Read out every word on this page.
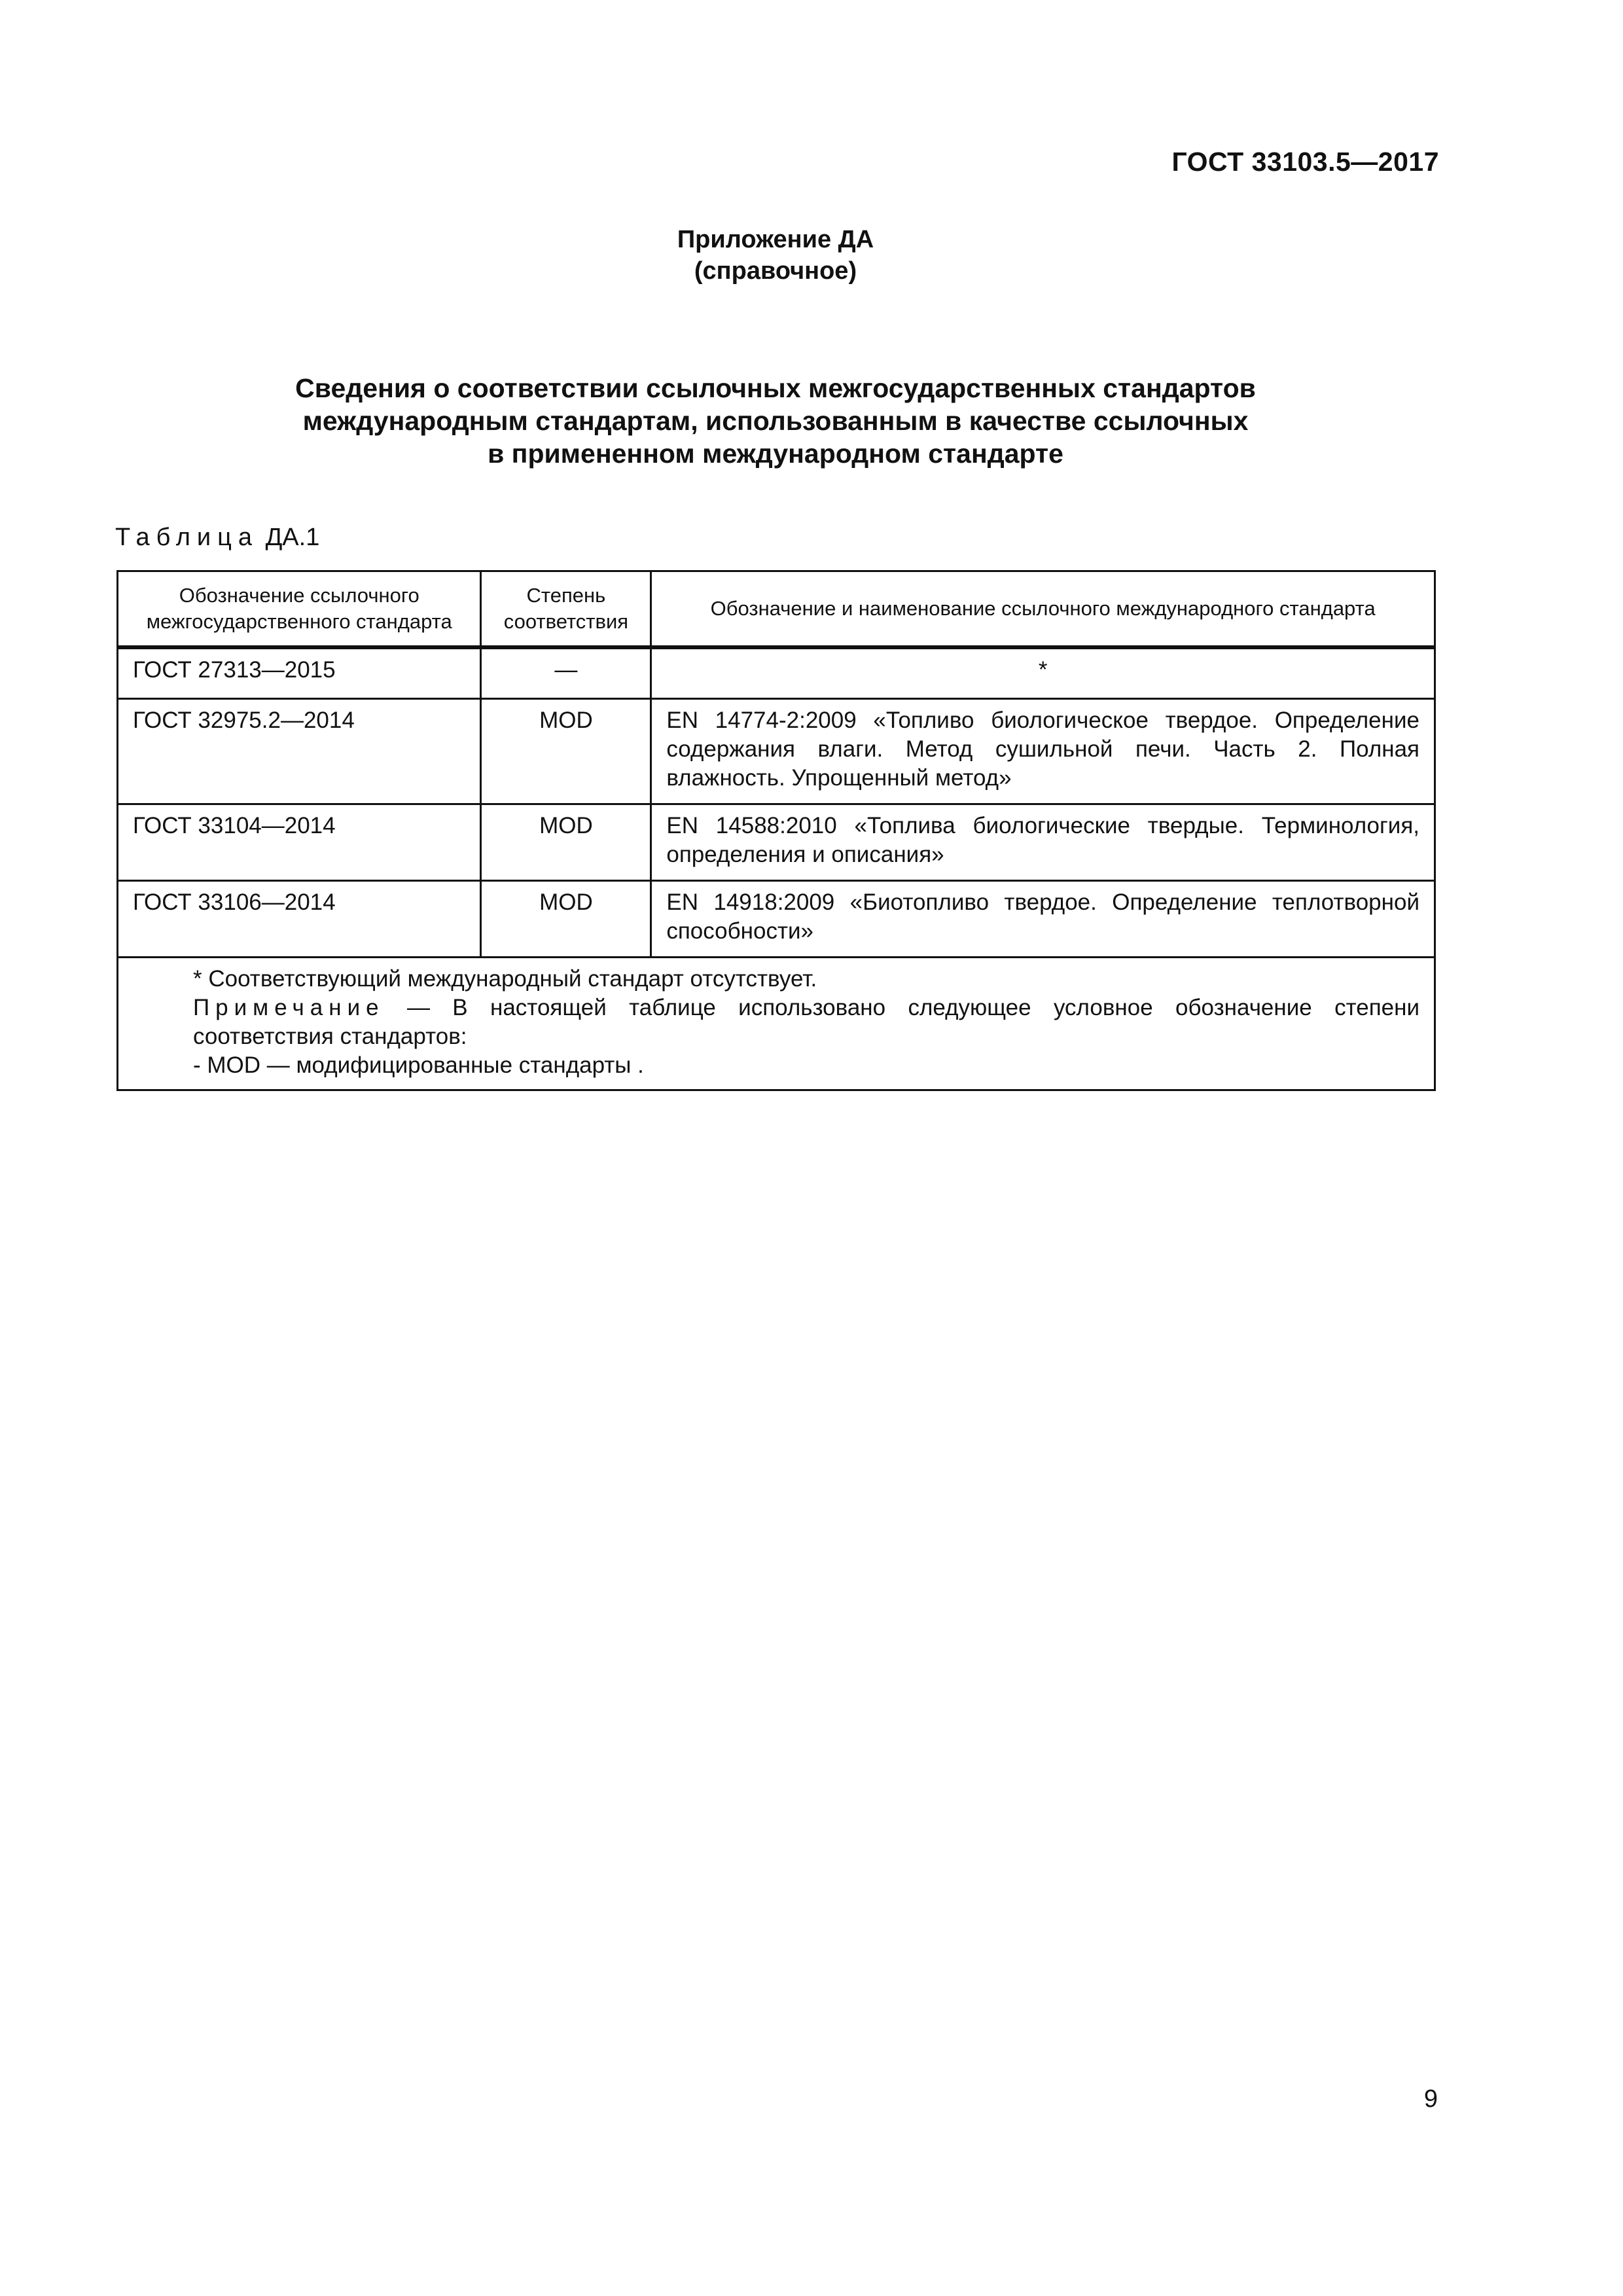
ГОСТ 33103.5—2017
Приложение ДА
(справочное)
Сведения о соответствии ссылочных межгосударственных стандартов
международным стандартам, использованным в качестве ссылочных
в примененном международном стандарте
Таблица ДА.1
Обозначение ссылочного межгосударственного стандарта	Степень соответствия	Обозначение и наименование ссылочного международного стандарта
ГОСТ 27313—2015	—	*
ГОСТ 32975.2—2014	MOD	EN 14774-2:2009 «Топливо биологическое твердое. Определение содержания влаги. Метод сушильной печи. Часть 2. Полная влажность. Упрощенный метод»
ГОСТ 33104—2014	MOD	EN 14588:2010 «Топлива биологические твердые. Терминология, определения и описания»
ГОСТ 33106—2014	MOD	EN 14918:2009 «Биотопливо твердое. Определение теплотворной способности»

* Соответствующий международный стандарт отсутствует.
Примечание — В настоящей таблице использовано следующее условное обозначение степени соответствия стандартов:
- MOD — модифицированные стандарты .		
9
